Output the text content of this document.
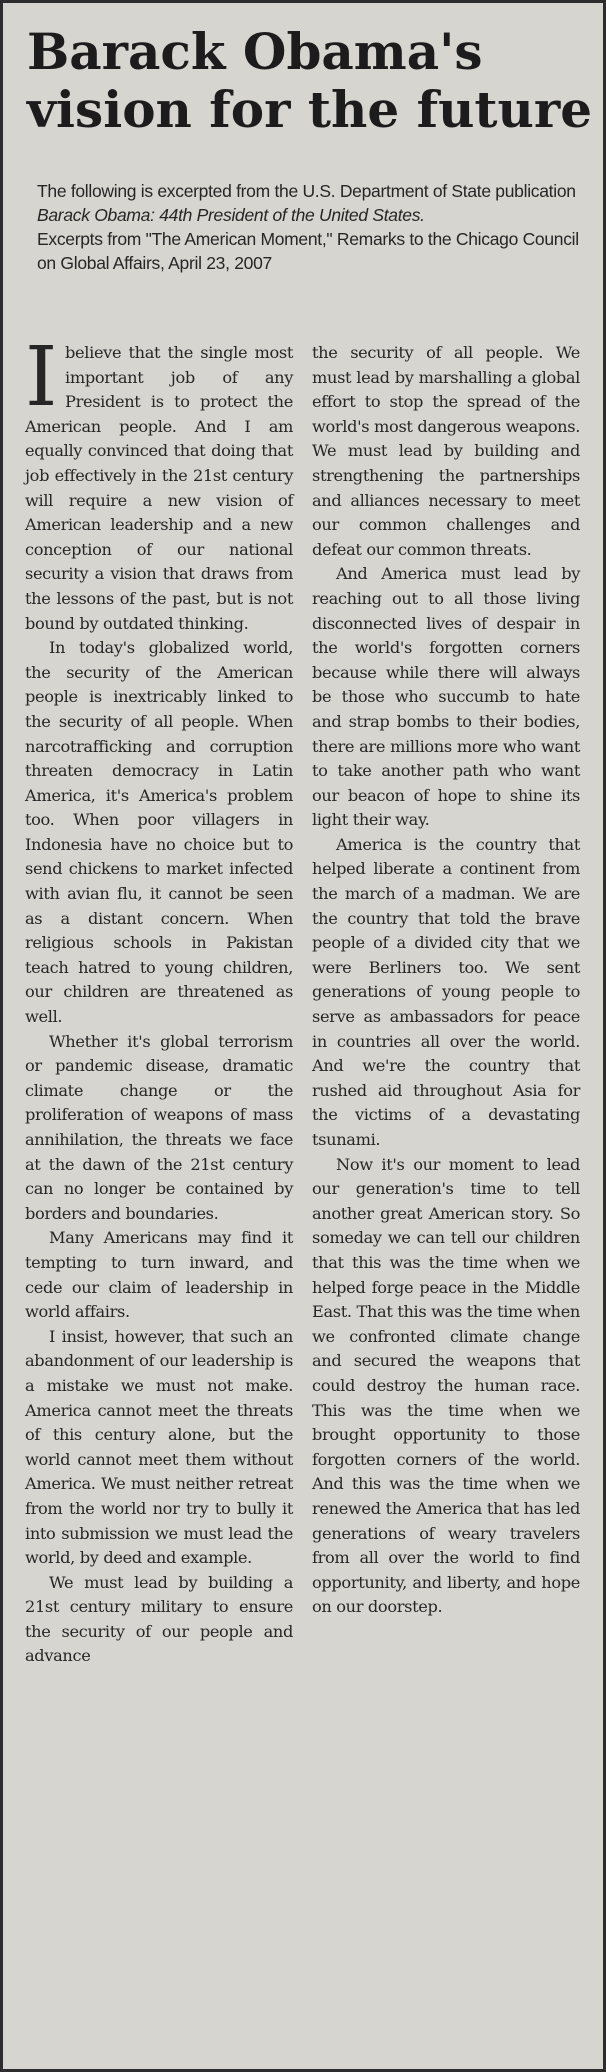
Barack Obama's vision for the future

The following is excerpted from the U.S. Department of State publication Barack Obama: 44th President of the United States.

Excerpts from "The American Moment," Remarks to the Chicago Council on Global Affairs, April 23, 2007

Ibelieve that the single most important job of any President is to protect the American people. And I am equally convinced that doing that job effectively in the 21st century will require a new vision of American leadership and a new conception of our national security a vision that draws from the lessons of the past, but is not bound by outdated thinking.

In today's globalized world, the security of the American people is inextricably linked to the security of all people. When narcotrafficking and corruption threaten democracy in Latin America, it's America's problem too. When poor villagers in Indonesia have no choice but to send chickens to market infected with avian flu, it cannot be seen as a distant concern. When religious schools in Pakistan teach hatred to young children, our children are threatened as well.

Whether it's global terrorism or pandemic disease, dramatic climate change or the proliferation of weapons of mass annihilation, the threats we face at the dawn of the 21st century can no longer be contained by borders and boundaries.

Many Americans may find it tempting to turn inward, and cede our claim of leadership in world affairs.

I insist, however, that such an abandonment of our leadership is a mistake we must not make. America cannot meet the threats of this century alone, but the world cannot meet them without America. We must neither retreat from the world nor try to bully it into submission we must lead the world, by deed and example.

We must lead by building a 21st century military to ensure the security of our people and advance

the security of all people. We must lead by marshalling a global effort to stop the spread of the world's most dangerous weapons. We must lead by building and strengthening the partnerships and alliances necessary to meet our common challenges and defeat our common threats.

And America must lead by reaching out to all those living disconnected lives of despair in the world's forgotten corners because while there will always be those who succumb to hate and strap bombs to their bodies, there are millions more who want to take another path who want our beacon of hope to shine its light their way.

America is the country that helped liberate a continent from the march of a madman. We are the country that told the brave people of a divided city that we were Berliners too. We sent generations of young people to serve as ambassadors for peace in countries all over the world. And we're the country that rushed aid throughout Asia for the victims of a devastating tsunami.

Now it's our moment to lead our generation's time to tell another great American story. So someday we can tell our children that this was the time when we helped forge peace in the Middle East. That this was the time when we confronted climate change and secured the weapons that could destroy the human race. This was the time when we brought opportunity to those forgotten corners of the world. And this was the time when we renewed the America that has led generations of weary travelers from all over the world to find opportunity, and liberty, and hope on our doorstep.
